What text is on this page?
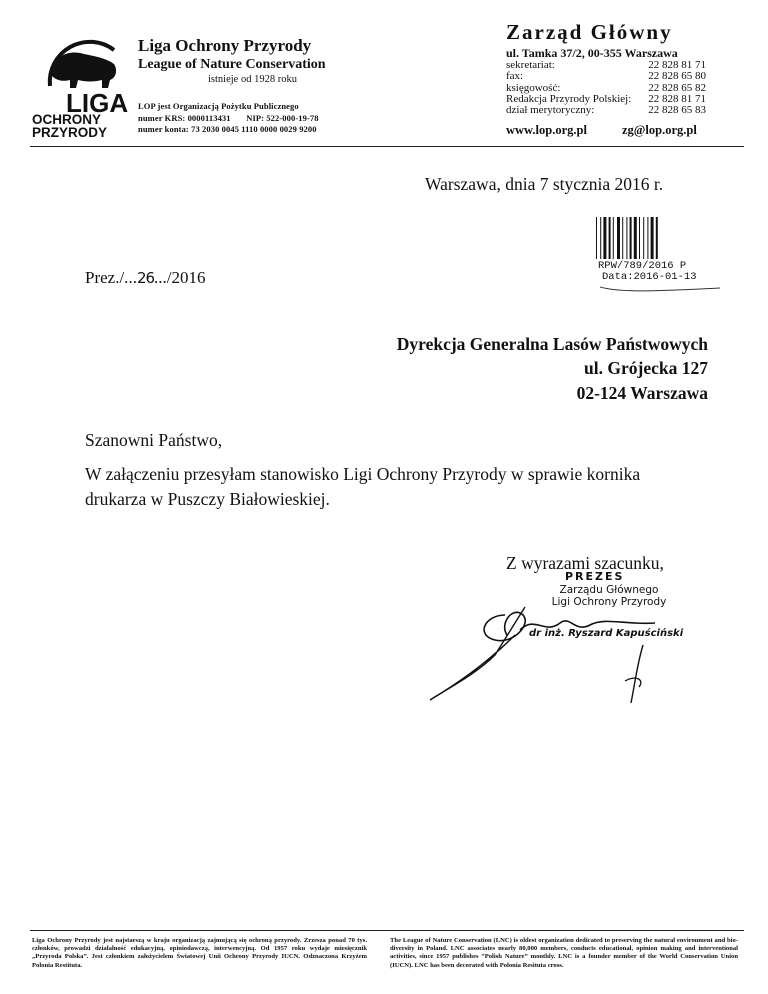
LIGA
OCHRONY
PRZYRODY
Liga Ochrony Przyrody
League of Nature Conservation
istnieje od 1928 roku
LOP jest Organizacją Pożytku Publicznego
numer KRS: 0000113431 NIP: 522-000-19-78
numer konta: 73 2030 0045 1110 0000 0029 9200
Zarząd Główny
ul. Tamka 37/2, 00-355 Warszawa
sekretariat:	22 828 81 71
fax:	22 828 65 80
księgowość:	22 828 65 82
Redakcja Przyrody Polskiej: 22 828 81 71
dział merytoryczny:	22 828 65 83
www.lop.org.pl	zg@lop.org.pl
Warszawa, dnia 7 stycznia 2016 r.
RPW/789/2016 P
Data:2016-01-13
Prez./...26.../2016
Dyrekcja Generalna Lasów Państwowych
ul. Grójecka 127
02-124 Warszawa
Szanowni Państwo,
W załączeniu przesyłam stanowisko Ligi Ochrony Przyrody w sprawie kornika drukarza w Puszczy Białowieskiej.
Z wyrazami szacunku,
PREZES
Zarządu Głównego
Ligi Ochrony Przyrody
dr inż. Ryszard Kapuściński
Liga Ochrony Przyrody jest najstarszą w kraju organizacją zajmującą się ochroną przyrody. Zrzesza ponad 70 tys. członków, prowadzi działalność edukacyjną, opiniodawczą, interwencyjną. Od 1957 roku wydaje miesięcznik „Przyroda Polska”. Jest członkiem założycielem Światowej Unii Ochrony Przyrody IUCN. Odznaczona Krzyżem Polonia Restituta.
The League of Nature Conservation (LNC) is oldest organization dedicated to preserving the natural environment and bio-diversity in Poland. LNC associates nearly 80,000 members, conducts educational, opinion making and interventional activities, since 1957 publishes “Polish Nature” monthly. LNC is a founder member of the World Conservation Union (IUCN). LNC has been decorated with Polonia Resituta cross.
